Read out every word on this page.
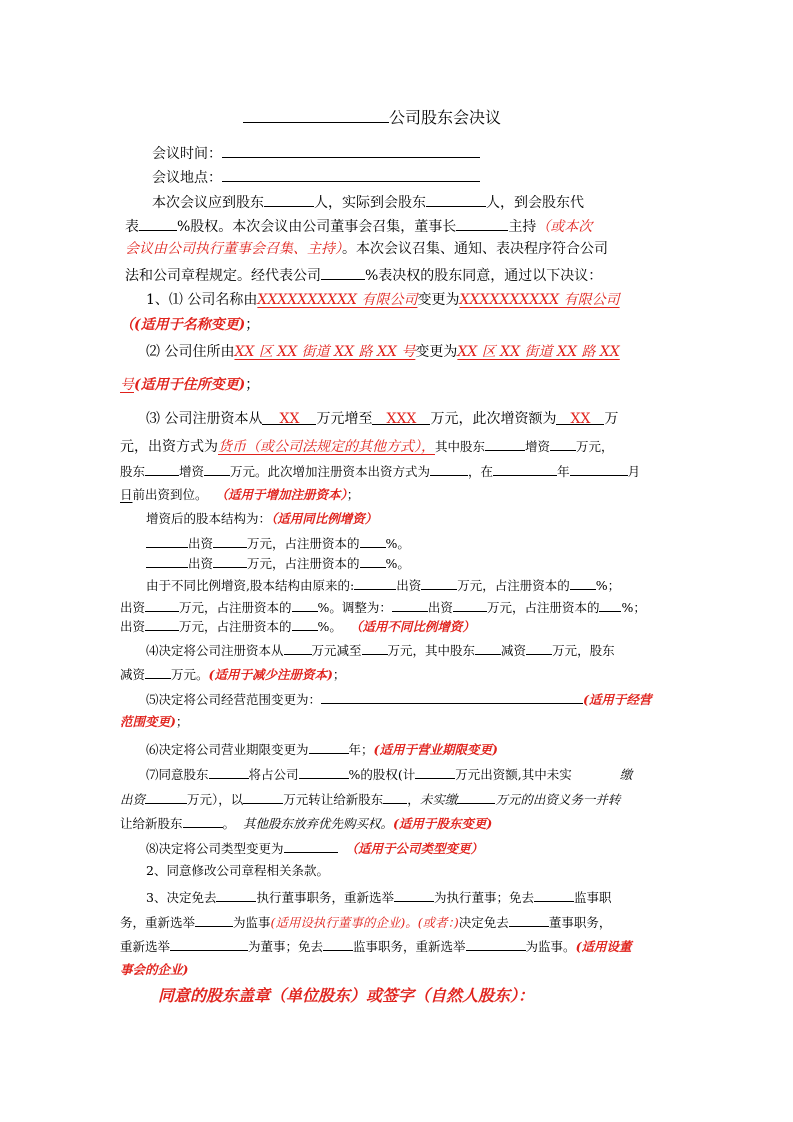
公司股东会决议
会议时间：
会议地点：
本次会议应到股东	人，实际到会股东	人，到会股东代
表	%股权。本次会议由公司董事会召集，董事长	主持（或本次
会议由公司执行董事会召集、主持）。本次会议召集、通知、表决程序符合公司
法和公司章程规定。经代表公司	%表决权的股东同意，通过以下决议：
1、⑴ 公司名称由XXXXXXXXXX 有限公司变更为XXXXXXXXXX 有限公司
（(适用于名称变更)；
⑵ 公司住所由XX 区 XX 街道 XX 路 XX 号变更为XX 区 XX 街道 XX 路 XX
号(适用于住所变更)；
⑶ 公司注册资本从 XX 万元增至 XXX 万元，此次增资额为 XX 万
元，出资方式为货币（或公司法规定的其他方式），其中股东	增资 万元，
股东	增资 万元。此次增加注册资本出资方式为	，在	年	月
日前出资到位。 （适用于增加注册资本）；
增资后的股本结构为：（适用同比例增资）
出资	万元，占注册资本的 %。
出资	万元，占注册资本的 %。
由于不同比例增资,股本结构由原来的:	出资	万元，占注册资本的 %；
出资	万元，占注册资本的 %。调整为：	出资	万元，占注册资本的 %；
出资	万元，占注册资本的 %。 （适用不同比例增资）
⑷决定将公司注册资本从 万元减至 万元，其中股东 减资 万元，股东
减资 万元。(适用于减少注册资本)；
⑸决定将公司经营范围变更为：	(适用于经营
范围变更)；
⑹决定将公司营业期限变更为	年；(适用于营业期限变更)
⑺同意股东	将占公司	%的股权(计	万元出资额,其中未实	缴
出资	万元），以	万元转让给新股东 ，未实缴	万元的出资义务一并转
让给新股东	。 其他股东放弃优先购买权。(适用于股东变更)
⑻决定将公司类型变更为	（适用于公司类型变更）
2、同意修改公司章程相关条款。
3、决定免去	执行董事职务，重新选举	为执行董事；免去	监事职
务，重新选举	为监事(适用设执行董事的企业)。(或者：)决定免去	董事职务，
重新选举	为董事；免去 监事职务，重新选举	为监事。(适用设董
事会的企业)
同意的股东盖章（单位股东）或签字（自然人股东）：
